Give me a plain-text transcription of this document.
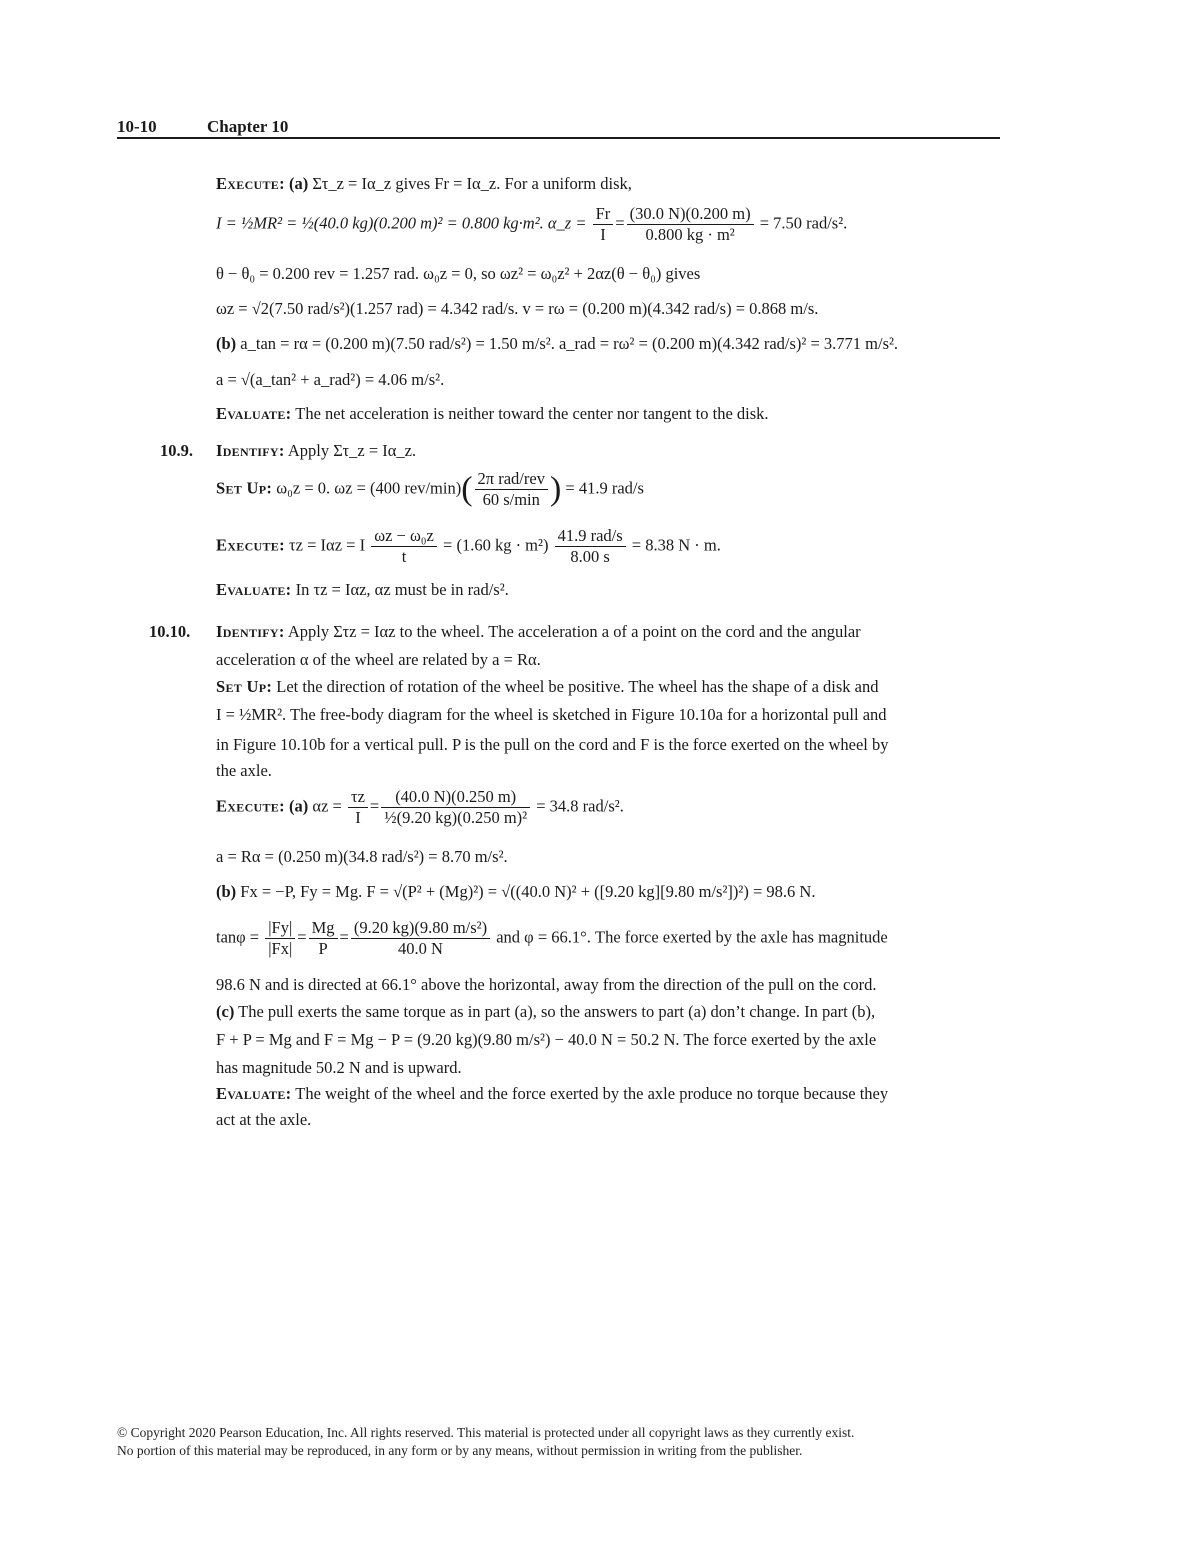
10-10	Chapter 10
Execute: (a) Στ_z = Iα_z gives Fr = Iα_z. For a uniform disk,
I = ½MR² = ½(40.0 kg)(0.200 m)² = 0.800 kg·m². α_z = $\frac{Fr}{I} = \frac{(30.0 N)(0.200 m)}{\text{0.800 kg · m²}} = 7.50$ rad/s².
θ − θ₀ = 0.200 rev = 1.257 rad. ω₀z = 0, so ωz² = ω₀z² + 2αz(θ − θ₀) gives
ωz = √2(7.50 rad/s²)(1.257 rad) = 4.342 rad/s. v = rω = (0.200 m)(4.342 rad/s) = 0.868 m/s.
(b) a_tan = rα = (0.200 m)(7.50 rad/s²) = 1.50 m/s². a_rad = rω² = (0.200 m)(4.342 rad/s)² = 3.771 m/s².
a = √(a_tan² + a_rad²) = 4.06 m/s².
Evaluate: The net acceleration is neither toward the center nor tangent to the disk.
10.9. Identify: Apply Στ_z = Iα_z.
Set Up: ω₀z = 0. ωz = (400 $rev/\min)( \frac{\text{2π rad/rev}}{60 s/\min}$ ) = 41.9 rad/s
Execute: τz = Iαz = I $\frac{\text{ωz − ω₀z}}{t} = (1.60$ kg · $m^2) \frac{\text{41.9 rad/s}}{8.00 s} = 8.38$ N · m.
Evaluate: In τz = Iαz, αz must be in rad/s².
10.10. Identify: Apply Στz = Iαz to the wheel. The acceleration a of a point on the cord and the angular
acceleration α of the wheel are related by a = Rα.
Set Up: Let the direction of rotation of the wheel be positive. The wheel has the shape of a disk and
I = ½MR². The free-body diagram for the wheel is sketched in Figure 10.10a for a horizontal pull and
in Figure 10.10b for a vertical pull. P is the pull on the cord and F is the force exerted on the wheel by
the axle.
Execute: (a) $\alpha z = \frac{\tau z}{I} = \frac{(40.0 N)(0.250 m)}{\text{½(9.20 kg)(0.250 m)²}} = 34.8$ rad/s².
a = Rα = (0.250 m)(34.8 rad/s²) = 8.70 m/s².
(b) Fx = −P, Fy = Mg. F = √(P² + (Mg)²) = √((40.0 N)² + ([9.20 kg][9.80 m/s²])²) = 98.6 N.
$\tan\varphi = \frac{|Fy|}{|Fx|} = \frac{Mg}{P} = \frac{\text{(9.20 kg)(9.80 m/s²)}}{40.0 N}$ and φ = 66.1°. The force exerted by the axle has magnitude
98.6 N and is directed at 66.1° above the horizontal, away from the direction of the pull on the cord.
(c) The pull exerts the same torque as in part (a), so the answers to part (a) don’t change. In part (b),
F + P = Mg and F = Mg − P = (9.20 kg)(9.80 m/s²) − 40.0 N = 50.2 N. The force exerted by the axle
has magnitude 50.2 N and is upward.
Evaluate: The weight of the wheel and the force exerted by the axle produce no torque because they
act at the axle.
© Copyright 2020 Pearson Education, Inc. All rights reserved. This material is protected under all copyright laws as they currently exist.
No portion of this material may be reproduced, in any form or by any means, without permission in writing from the publisher.
